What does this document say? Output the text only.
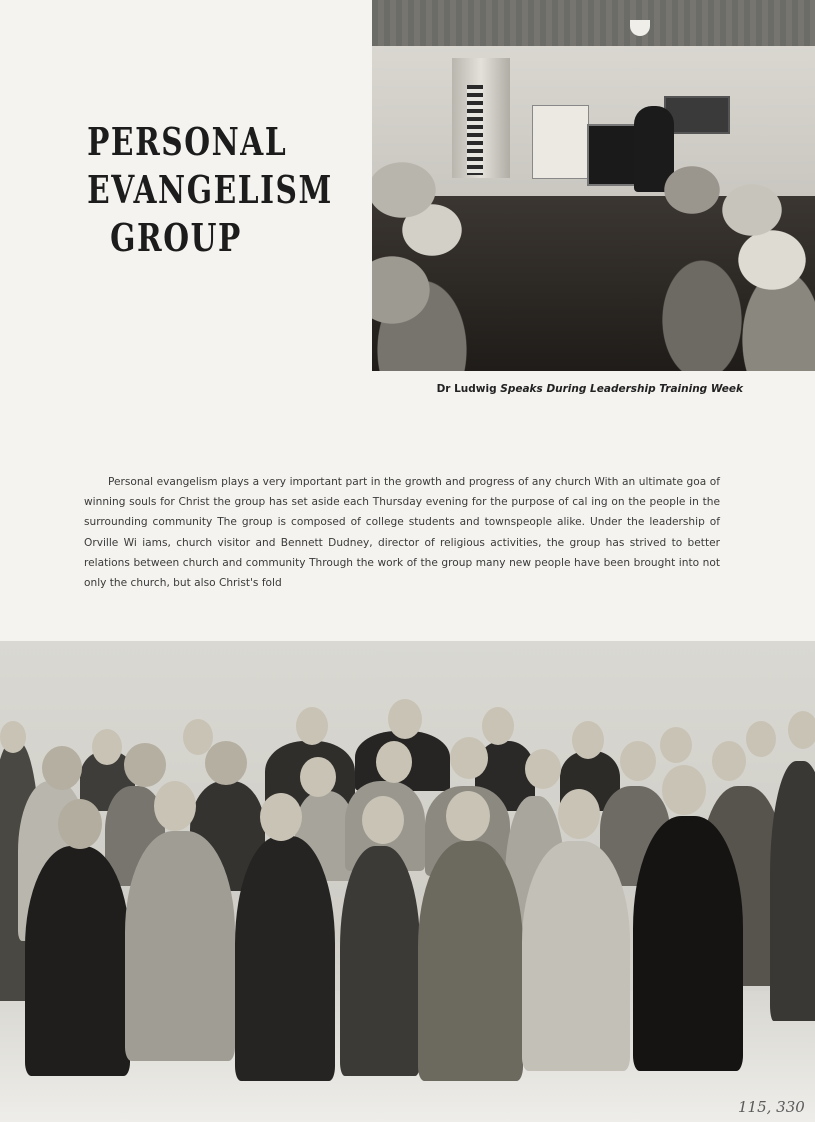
PERSONAL
EVANGELISM
GROUP
Dr Ludwig Speaks During Leadership Training Week

Personal evangelism plays a very important part in the growth and progress of any church With an ultimate goa of winning souls for Christ the group has set aside each Thursday evening for the purpose of cal ing on the people in the surrounding community The group is composed of college students and townspeople alike. Under the leadership of Orville Wi iams, church visitor and Bennett Dudney, director of religious activities, the group has strived to better relations between church and community Through the work of the group many new people have been brought into not only the church, but also Christ's fold

115, 330
